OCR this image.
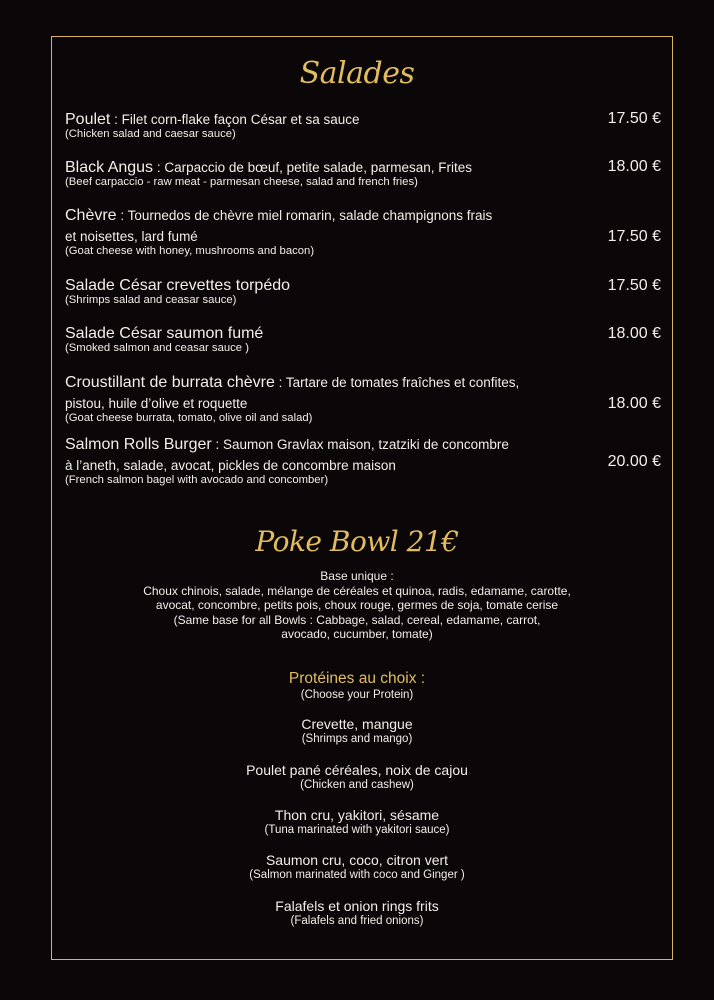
Salades
Poulet : Filet corn-flake façon César et sa sauce
(Chicken salad and caesar sauce)
17.50 €
Black Angus : Carpaccio de bœuf, petite salade, parmesan, Frites
(Beef carpaccio - raw meat - parmesan cheese, salad and french fries)
18.00 €
Chèvre : Tournedos de chèvre miel romarin, salade champignons frais
et noisettes, lard fumé
(Goat cheese with honey, mushrooms and bacon)
17.50 €
Salade César crevettes torpédo
(Shrimps salad and ceasar sauce)
17.50 €
Salade César saumon fumé
(Smoked salmon and ceasar sauce )
18.00 €
Croustillant de burrata chèvre : Tartare de tomates fraîches et confites,
pistou, huile d’olive et roquette
(Goat cheese burrata, tomato, olive oil and salad)
18.00 €
Salmon Rolls Burger : Saumon Gravlax maison, tzatziki de concombre
à l’aneth, salade, avocat, pickles de concombre maison
(French salmon bagel with avocado and concomber)
20.00 €
Poke Bowl 21€
Base unique :
Choux chinois, salade, mélange de céréales et quinoa, radis, edamame, carotte,
avocat, concombre, petits pois, choux rouge, germes de soja, tomate cerise
(Same base for all Bowls : Cabbage, salad, cereal, edamame, carrot,
avocado, cucumber, tomate)
Protéines au choix :
(Choose your Protein)
Crevette, mangue
(Shrimps and mango)
Poulet pané céréales, noix de cajou
(Chicken and cashew)
Thon cru, yakitori, sésame
(Tuna marinated with yakitori sauce)
Saumon cru, coco, citron vert
(Salmon marinated with coco and Ginger )
Falafels et onion rings frits
(Falafels and fried onions)
